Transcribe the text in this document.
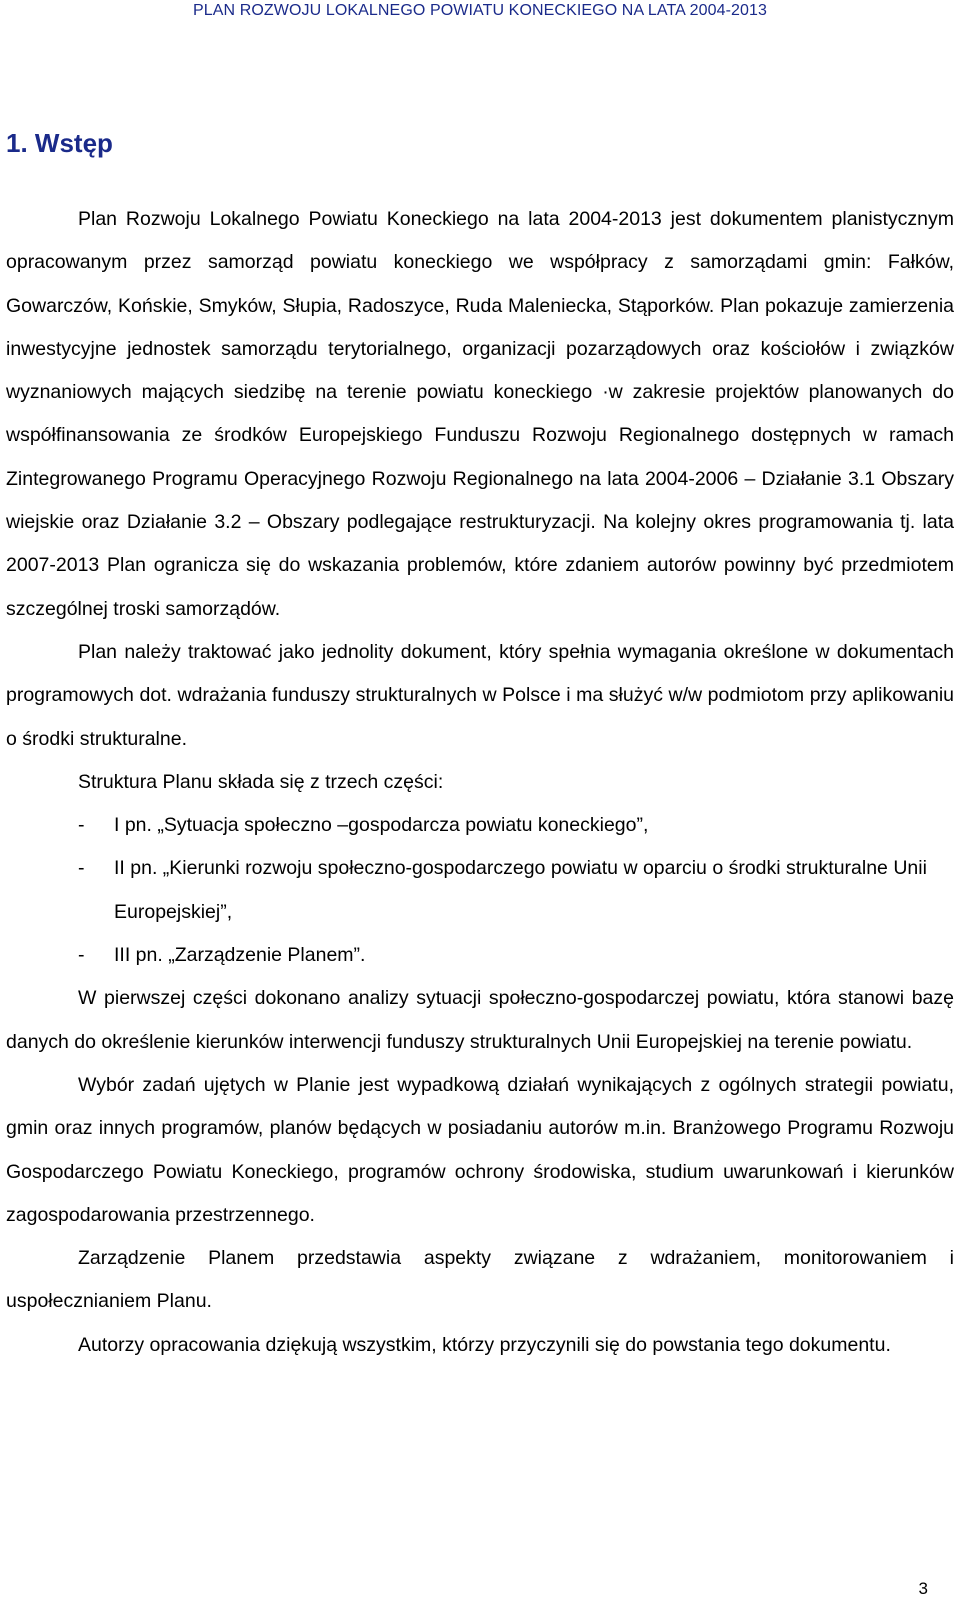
PLAN ROZWOJU LOKALNEGO POWIATU KONECKIEGO NA LATA 2004-2013
1. Wstęp

Plan Rozwoju Lokalnego Powiatu Koneckiego na lata 2004-2013 jest dokumentem planistycznym opracowanym przez samorząd powiatu koneckiego we współpracy z samorządami gmin: Fałków, Gowarczów, Końskie, Smyków, Słupia, Radoszyce, Ruda Maleniecka, Stąporków. Plan pokazuje zamierzenia inwestycyjne jednostek samorządu terytorialnego, organizacji pozarządowych oraz kościołów i związków wyznaniowych mających siedzibę na terenie powiatu koneckiego ·w zakresie projektów planowanych do współfinansowania ze środków Europejskiego Funduszu Rozwoju Regionalnego dostępnych w ramach Zintegrowanego Programu Operacyjnego Rozwoju Regionalnego na lata 2004-2006 – Działanie 3.1 Obszary wiejskie oraz Działanie 3.2 – Obszary podlegające restrukturyzacji. Na kolejny okres programowania tj. lata 2007-2013 Plan ogranicza się do wskazania problemów, które zdaniem autorów powinny być przedmiotem szczególnej troski samorządów.

Plan należy traktować jako jednolity dokument, który spełnia wymagania określone w dokumentach programowych dot. wdrażania funduszy strukturalnych w Polsce i ma służyć w/w podmiotom przy aplikowaniu o środki strukturalne.

Struktura Planu składa się z trzech części:

- I pn. „Sytuacja społeczno –gospodarcza powiatu koneckiego”,
- II pn. „Kierunki rozwoju społeczno-gospodarczego powiatu w oparciu o środki strukturalne Unii Europejskiej”,
- III pn. „Zarządzenie Planem”.

W pierwszej części dokonano analizy sytuacji społeczno-gospodarczej powiatu, która stanowi bazę danych do określenie kierunków interwencji funduszy strukturalnych Unii Europejskiej na terenie powiatu.

Wybór zadań ujętych w Planie jest wypadkową działań wynikających z ogólnych strategii powiatu, gmin oraz innych programów, planów będących w posiadaniu autorów m.in. Branżowego Programu Rozwoju Gospodarczego Powiatu Koneckiego, programów ochrony środowiska, studium uwarunkowań i kierunków zagospodarowania przestrzennego.

Zarządzenie Planem przedstawia aspekty związane z wdrażaniem, monitorowaniem i uspołecznianiem Planu.

Autorzy opracowania dziękują wszystkim, którzy przyczynili się do powstania tego dokumentu.

3
